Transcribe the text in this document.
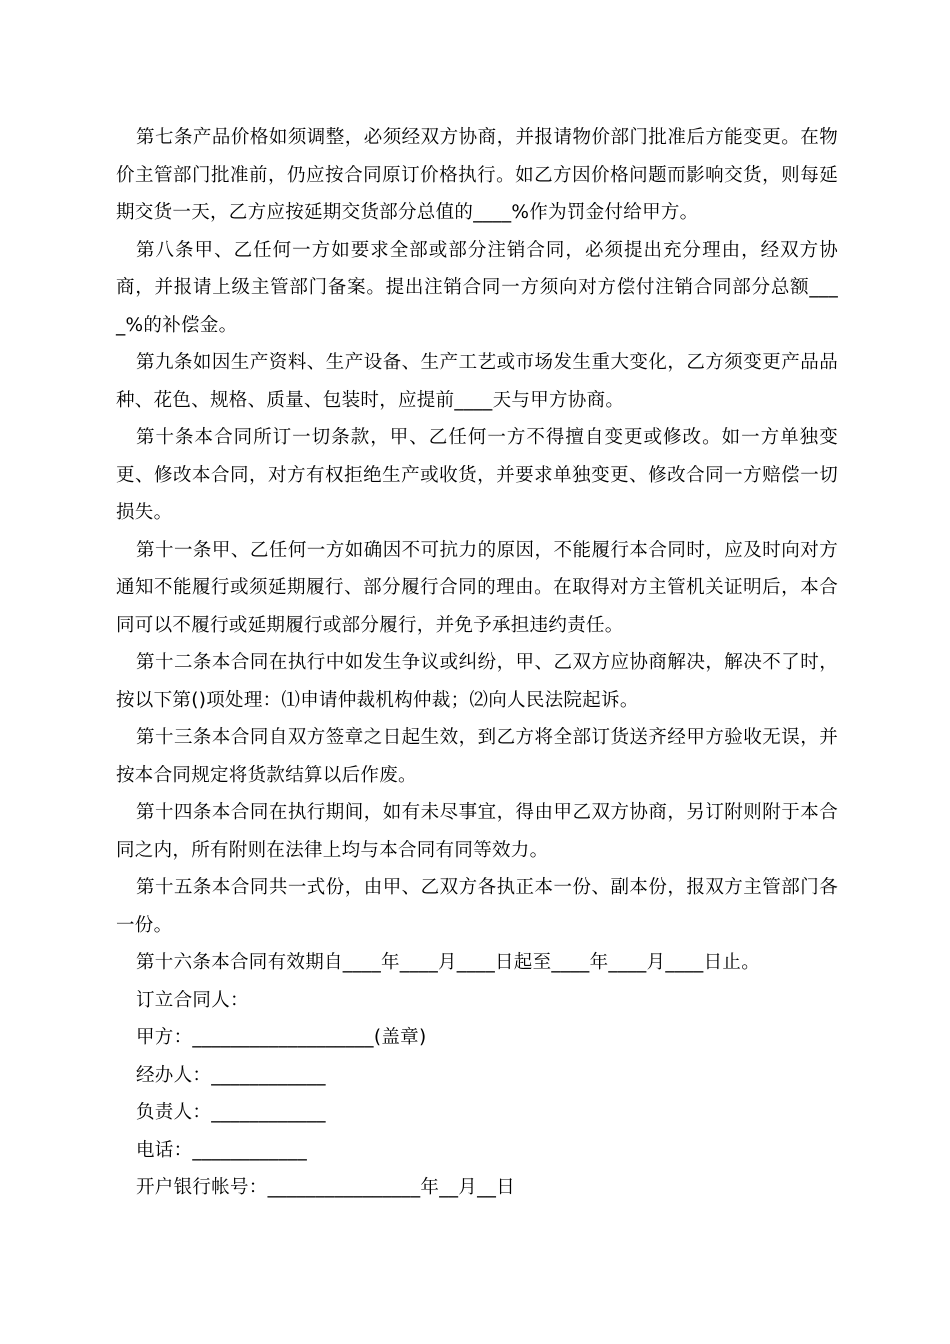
第七条产品价格如须调整，必须经双方协商，并报请物价部门批准后方能变更。在物价主管部门批准前，仍应按合同原订价格执行。如乙方因价格问题而影响交货，则每延期交货一天，乙方应按延期交货部分总值的____%作为罚金付给甲方。

第八条甲、乙任何一方如要求全部或部分注销合同，必须提出充分理由，经双方协商，并报请上级主管部门备案。提出注销合同一方须向对方偿付注销合同部分总额____%的补偿金。

第九条如因生产资料、生产设备、生产工艺或市场发生重大变化，乙方须变更产品品种、花色、规格、质量、包装时，应提前____天与甲方协商。

第十条本合同所订一切条款，甲、乙任何一方不得擅自变更或修改。如一方单独变更、修改本合同，对方有权拒绝生产或收货，并要求单独变更、修改合同一方赔偿一切损失。

第十一条甲、乙任何一方如确因不可抗力的原因，不能履行本合同时，应及时向对方通知不能履行或须延期履行、部分履行合同的理由。在取得对方主管机关证明后，本合同可以不履行或延期履行或部分履行，并免予承担违约责任。

第十二条本合同在执行中如发生争议或纠纷，甲、乙双方应协商解决，解决不了时，按以下第()项处理：⑴申请仲裁机构仲裁；⑵向人民法院起诉。

第十三条本合同自双方签章之日起生效，到乙方将全部订货送齐经甲方验收无误，并按本合同规定将货款结算以后作废。

第十四条本合同在执行期间，如有未尽事宜，得由甲乙双方协商，另订附则附于本合同之内，所有附则在法律上均与本合同有同等效力。

第十五条本合同共一式份，由甲、乙双方各执正本一份、副本份，报双方主管部门各一份。

第十六条本合同有效期自____年____月____日起至____年____月____日止。

订立合同人：

甲方：___________________(盖章)

经办人：____________

负责人：____________

电话：____________

开户银行帐号：________________年__月__日
